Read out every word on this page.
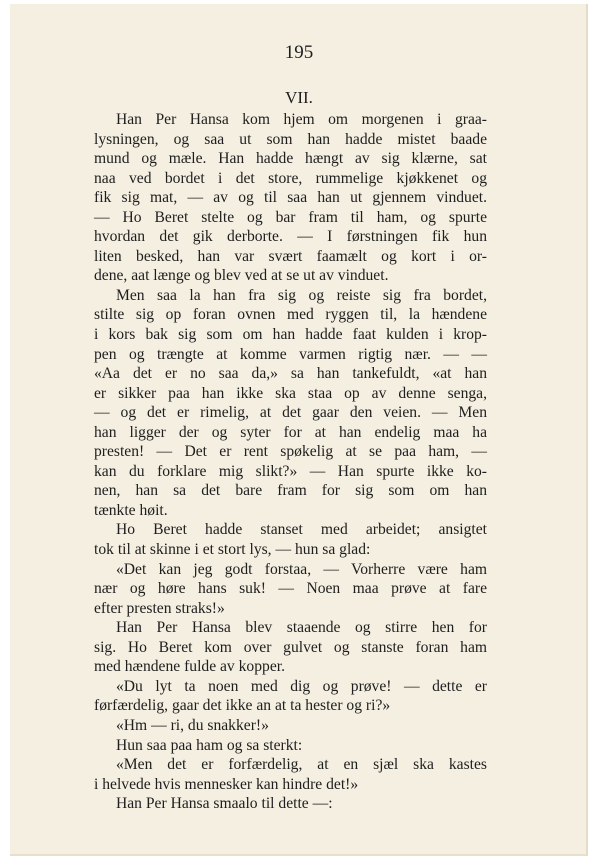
195
VII.
Han Per Hansa kom hjem om morgenen i graa-
lysningen, og saa ut som han hadde mistet baade
mund og mæle. Han hadde hængt av sig klærne, sat
naa ved bordet i det store, rummelige kjøkkenet og
fik sig mat, — av og til saa han ut gjennem vinduet.
— Ho Beret stelte og bar fram til ham, og spurte
hvordan det gik derborte. — I førstningen fik hun
liten besked, han var svært faamælt og kort i or-
dene, aat længe og blev ved at se ut av vinduet.
Men saa la han fra sig og reiste sig fra bordet,
stilte sig op foran ovnen med ryggen til, la hændene
i kors bak sig som om han hadde faat kulden i krop-
pen og trængte at komme varmen rigtig nær. — —
«Aa det er no saa da,» sa han tankefuldt, «at han
er sikker paa han ikke ska staa op av denne senga,
— og det er rimelig, at det gaar den veien. — Men
han ligger der og syter for at han endelig maa ha
presten! — Det er rent spøkelig at se paa ham, —
kan du forklare mig slikt?» — Han spurte ikke ko-
nen, han sa det bare fram for sig som om han
tænkte høit.
Ho Beret hadde stanset med arbeidet; ansigtet
tok til at skinne i et stort lys, — hun sa glad:
«Det kan jeg godt forstaa, — Vorherre være ham
nær og høre hans suk! — Noen maa prøve at fare
efter presten straks!»
Han Per Hansa blev staaende og stirre hen for
sig. Ho Beret kom over gulvet og stanste foran ham
med hændene fulde av kopper.
«Du lyt ta noen med dig og prøve! — dette er
førfærdelig, gaar det ikke an at ta hester og ri?»
«Hm — ri, du snakker!»
Hun saa paa ham og sa sterkt:
«Men det er forfærdelig, at en sjæl ska kastes
i helvede hvis mennesker kan hindre det!»
Han Per Hansa smaalo til dette —:
